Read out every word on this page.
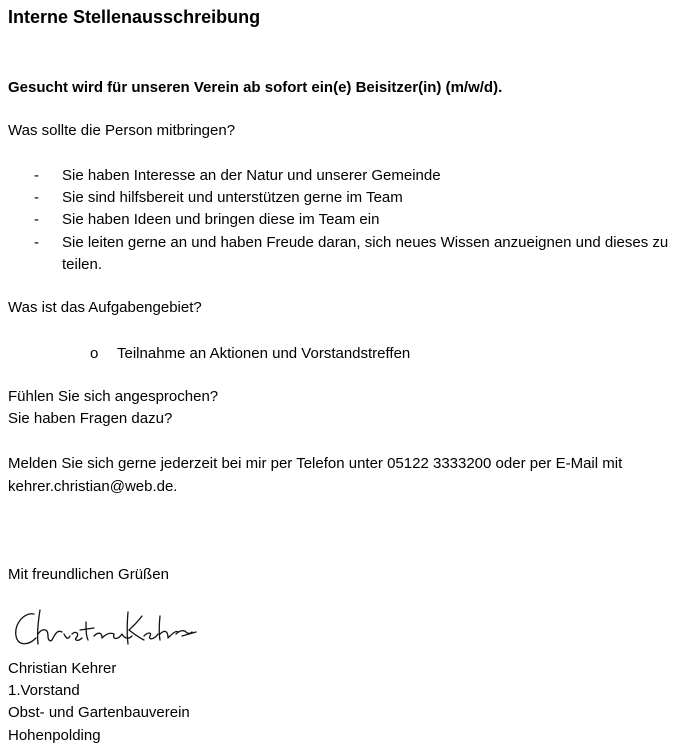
Interne Stellenausschreibung
Gesucht wird für unseren Verein ab sofort ein(e) Beisitzer(in) (m/w/d).
Was sollte die Person mitbringen?
-	Sie haben Interesse an der Natur und unserer Gemeinde
-	Sie sind hilfsbereit und unterstützen gerne im Team
-	Sie haben Ideen und bringen diese im Team ein
-	Sie leiten gerne an und haben Freude daran, sich neues Wissen anzueignen und dieses zu
teilen.
Was ist das Aufgabengebiet?
o Teilnahme an Aktionen und Vorstandstreffen
Fühlen Sie sich angesprochen?
Sie haben Fragen dazu?
Melden Sie sich gerne jederzeit bei mir per Telefon unter 05122 3333200 oder per E-Mail mit
kehrer.christian@web.de.
Mit freundlichen Grüßen
Christian Kehrer
1.Vorstand
Obst- und Gartenbauverein
Hohenpolding
